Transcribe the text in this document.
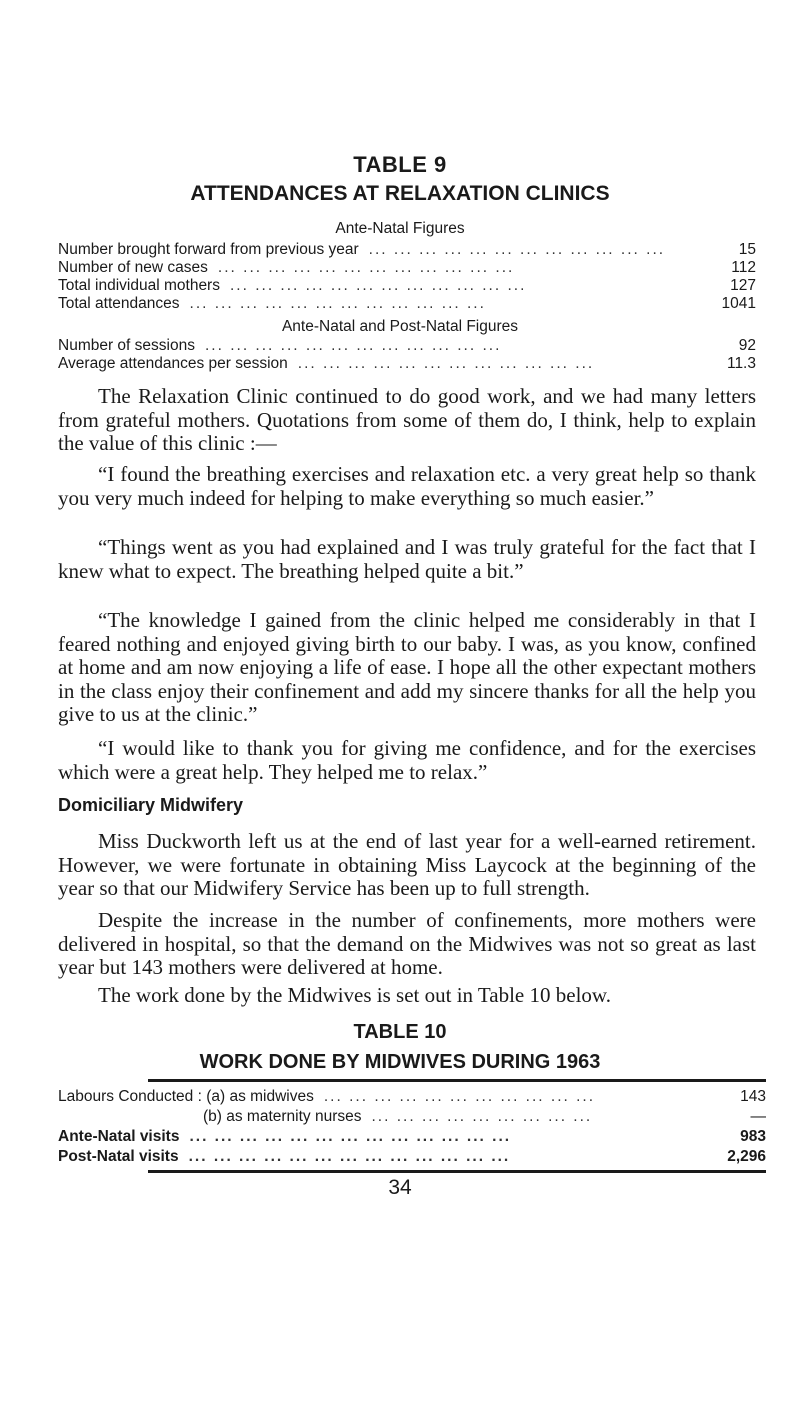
TABLE 9
ATTENDANCES AT RELAXATION CLINICS
Ante-Natal Figures
Number brought forward from previous year ... ... ... ... ... ... ... ... ... ... ... ...	15
Number of new cases ... ... ... ... ... ... ... ... ... ... ... ...	112
Total individual mothers ... ... ... ... ... ... ... ... ... ... ... ...	127
Total attendances ... ... ... ... ... ... ... ... ... ... ... ...	1041
Ante-Natal and Post-Natal Figures
Number of sessions ... ... ... ... ... ... ... ... ... ... ... ...	92
Average attendances per session ... ... ... ... ... ... ... ... ... ... ... ...	11.3

The Relaxation Clinic continued to do good work, and we had many letters from grateful mothers. Quotations from some of them do, I think, help to explain the value of this clinic :—

“I found the breathing exercises and relaxation etc. a very great help so thank you very much indeed for helping to make everything so much easier.”

“Things went as you had explained and I was truly grateful for the fact that I knew what to expect. The breathing helped quite a bit.”

“The knowledge I gained from the clinic helped me considerably in that I feared nothing and enjoyed giving birth to our baby. I was, as you know, confined at home and am now enjoying a life of ease. I hope all the other expectant mothers in the class enjoy their confinement and add my sincere thanks for all the help you give to us at the clinic.”

“I would like to thank you for giving me confidence, and for the exercises which were a great help. They helped me to relax.”

Domiciliary Midwifery

Miss Duckworth left us at the end of last year for a well-earned retirement. However, we were fortunate in obtaining Miss Laycock at the beginning of the year so that our Midwifery Service has been up to full strength.

Despite the increase in the number of confinements, more mothers were delivered in hospital, so that the demand on the Midwives was not so great as last year but 143 mothers were delivered at home.

The work done by the Midwives is set out in Table 10 below.

TABLE 10
WORK DONE BY MIDWIVES DURING 1963
Labours Conducted : (a) as midwives ... ... ... ... ... ... ... ... ... ... ...	143
(b) as maternity nurses ... ... ... ... ... ... ... ... ...	—
Ante-Natal visits ... ... ... ... ... ... ... ... ... ... ... ... ...	983
Post-Natal visits ... ... ... ... ... ... ... ... ... ... ... ... ...	2,296
34
